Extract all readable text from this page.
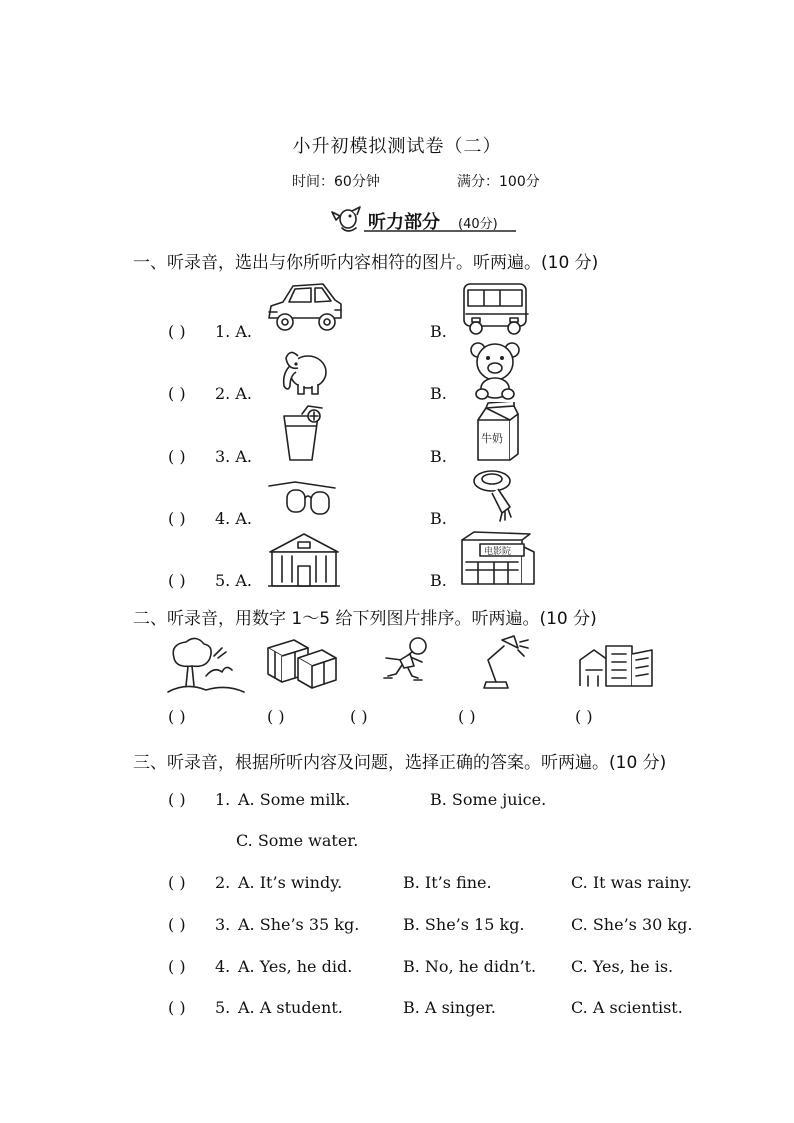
小升初模拟测试卷（二）
时间：60分钟	满分：100分
听力部分 (40分)
一、听录音，选出与你所听内容相符的图片。听两遍。(10 分)
( ) 1. A.	B.
( ) 2. A.	B.
( ) 3. A.	B.
( ) 4. A.	B.
( ) 5. A.	B.
牛奶
电影院
二、听录音，用数字 1～5 给下列图片排序。听两遍。(10 分)
( )	( )	( )	( )	( )
三、听录音，根据所听内容及问题，选择正确的答案。听两遍。(10 分)
( ) 1. A. Some milk.	B. Some juice.
C. Some water.
( ) 2. A. It’s windy.	B. It’s fine.	C. It was rainy.
( ) 3. A. She’s 35 kg.	B. She’s 15 kg.	C. She’s 30 kg.
( ) 4. A. Yes, he did.	B. No, he didn’t. C. Yes, he is.
( ) 5. A. A student.	B. A singer.	C. A scientist.
